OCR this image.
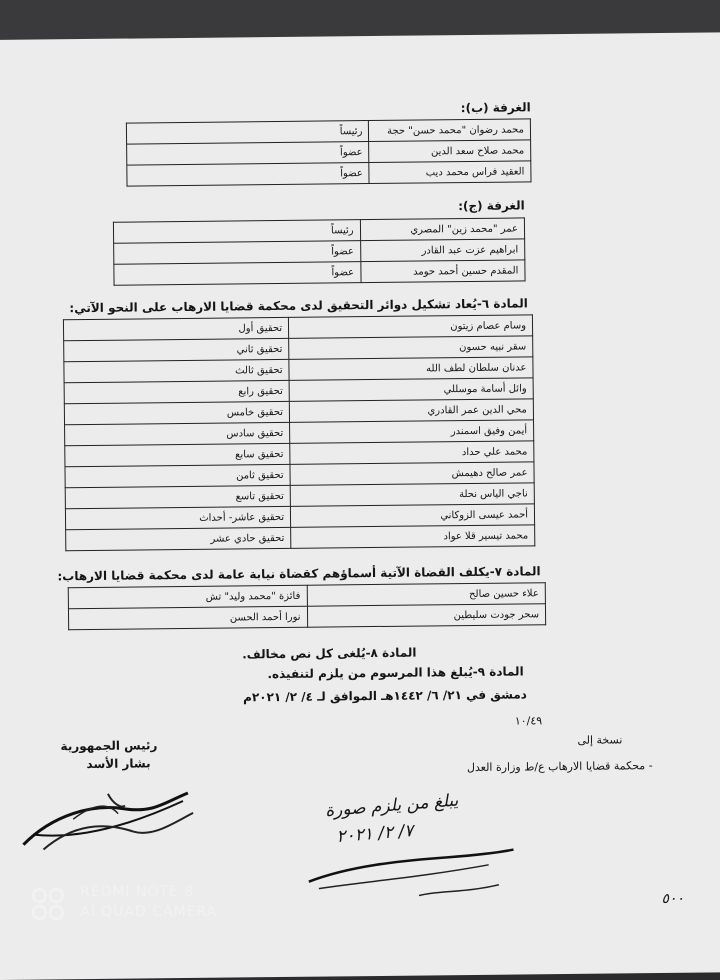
الغرفة (ب):
محمد رضوان "محمد حسن" حجة	رئيساً
محمد صلاح سعد الدين	عضواً
العقيد فراس محمد ديب	عضواً
الغرفة (ج):
عمر "محمد زين" المصري	رئيساً
ابراهيم عزت عبد القادر	عضواً
المقدم حسين أحمد حومد	عضواً
المادة ٦-يُعاد تشكيل دوائر التحقيق لدى محكمة قضايا الارهاب على النحو الآتي:
وسام عصام زيتون	تحقيق أول
سقر نبيه حسون	تحقيق ثاني
عدنان سلطان لطف الله	تحقيق ثالث
وائل أسامة موسللي	تحقيق رابع
محي الدين عمر القادري	تحقيق خامس
أيمن وفيق اسمندر	تحقيق سادس
محمد علي حداد	تحقيق سابع
عمر صالح دهيمش	تحقيق ثامن
ناجي الياس نحلة	تحقيق تاسع
أحمد عيسى الزوكاني	تحقيق عاشر- أحداث
محمد تيسير قلا عواد	تحقيق حادي عشر
المادة ٧-يكلف القضاة الآتية أسماؤهم كقضاة نيابة عامة لدى محكمة قضايا الارهاب:
علاء حسين صالح	فائزة "محمد وليد" تش
سحر جودت سليطين	نورا أحمد الحسن
المادة ٨-يُلغى كل نص مخالف.
المادة ٩-يُبلغ هذا المرسوم من يلزم لتنفيذه.
دمشق في ٢١/ ٦/ ١٤٤٢هـ الموافق لـ ٤/ ٢/ ٢٠٢١م
١٠/٤٩
رئيس الجمهورية
بشار الأسد
نسخة إلى
- محكمة قضايا الارهاب ع/ط وزارة العدل
يبلغ من يلزم صورة
٧/ ٢/ ٢٠٢١
٥٠٠
REDMI NOTE 8
AI QUAD CAMERA
